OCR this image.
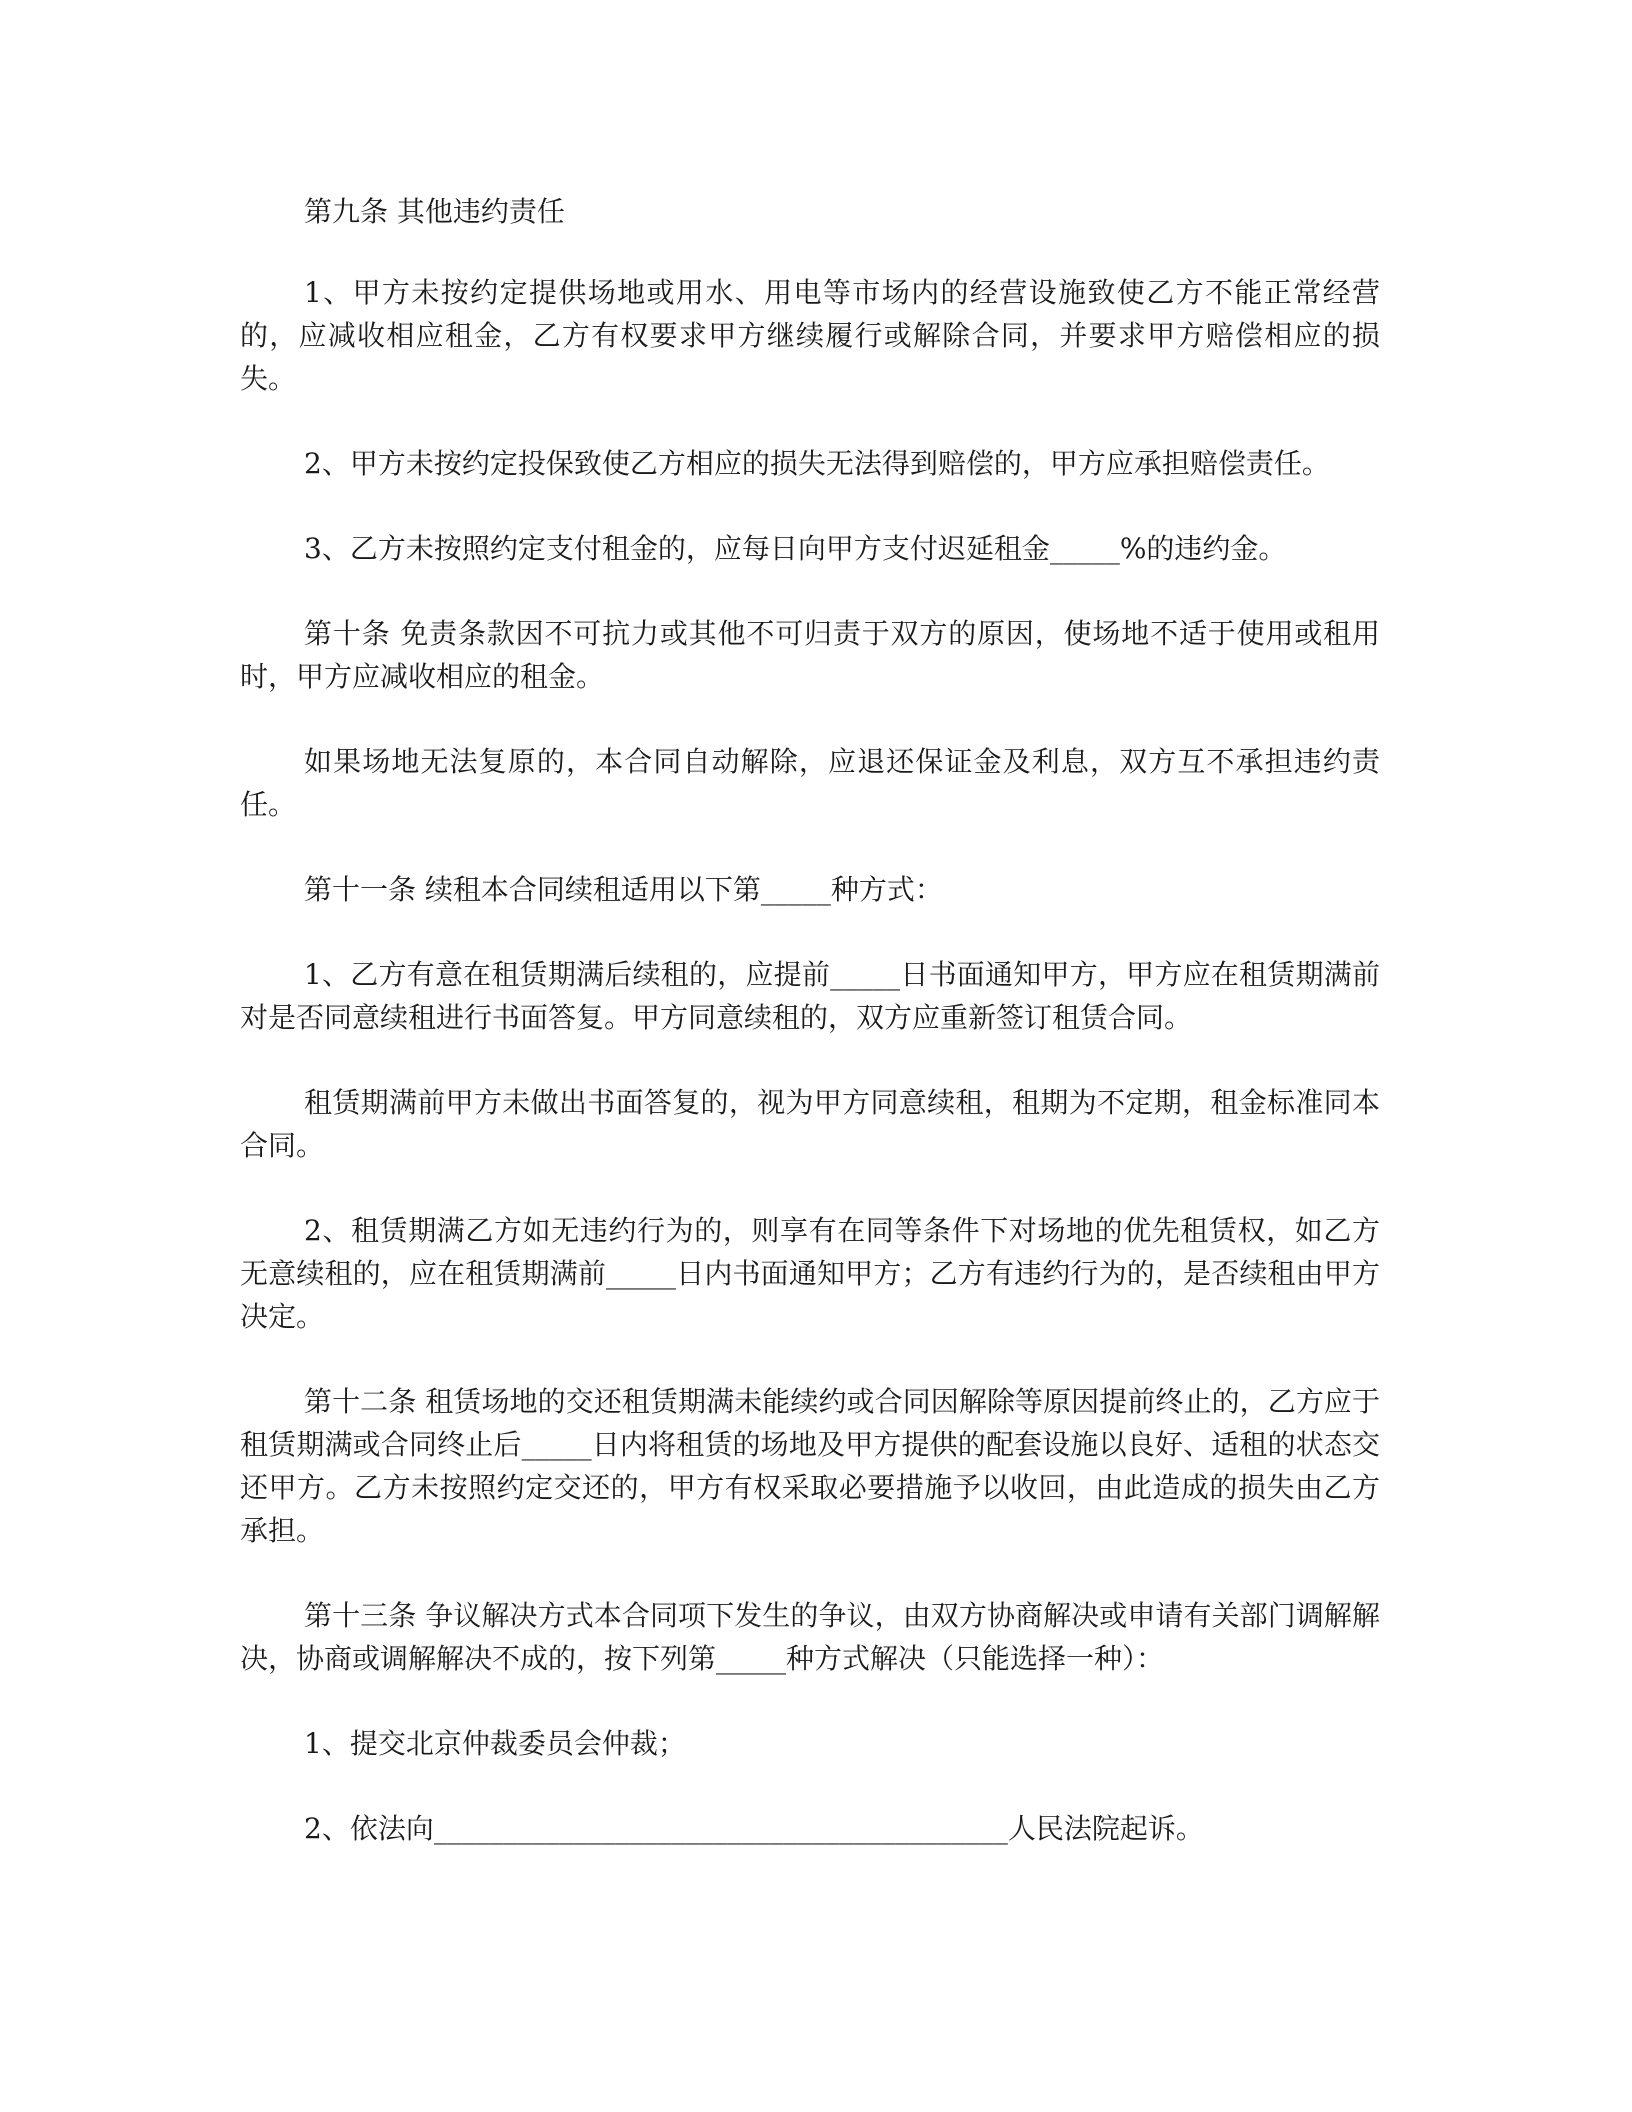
第九条 其他违约责任

1、甲方未按约定提供场地或用水、用电等市场内的经营设施致使乙方不能正常经营的，应减收相应租金，乙方有权要求甲方继续履行或解除合同，并要求甲方赔偿相应的损失。

2、甲方未按约定投保致使乙方相应的损失无法得到赔偿的，甲方应承担赔偿责任。

3、乙方未按照约定支付租金的，应每日向甲方支付迟延租金_____%的违约金。

第十条 免责条款因不可抗力或其他不可归责于双方的原因，使场地不适于使用或租用时，甲方应减收相应的租金。

如果场地无法复原的，本合同自动解除，应退还保证金及利息，双方互不承担违约责任。

第十一条 续租本合同续租适用以下第_____种方式：

1、乙方有意在租赁期满后续租的，应提前_____日书面通知甲方，甲方应在租赁期满前对是否同意续租进行书面答复。甲方同意续租的，双方应重新签订租赁合同。

租赁期满前甲方未做出书面答复的，视为甲方同意续租，租期为不定期，租金标准同本合同。

2、租赁期满乙方如无违约行为的，则享有在同等条件下对场地的优先租赁权，如乙方无意续租的，应在租赁期满前_____日内书面通知甲方；乙方有违约行为的，是否续租由甲方决定。

第十二条 租赁场地的交还租赁期满未能续约或合同因解除等原因提前终止的，乙方应于租赁期满或合同终止后_____日内将租赁的场地及甲方提供的配套设施以良好、适租的状态交还甲方。乙方未按照约定交还的，甲方有权采取必要措施予以收回，由此造成的损失由乙方承担。

第十三条 争议解决方式本合同项下发生的争议，由双方协商解决或申请有关部门调解解决，协商或调解解决不成的，按下列第_____种方式解决（只能选择一种）：

1、提交北京仲裁委员会仲裁；

2、依法向_________________________________________人民法院起诉。
